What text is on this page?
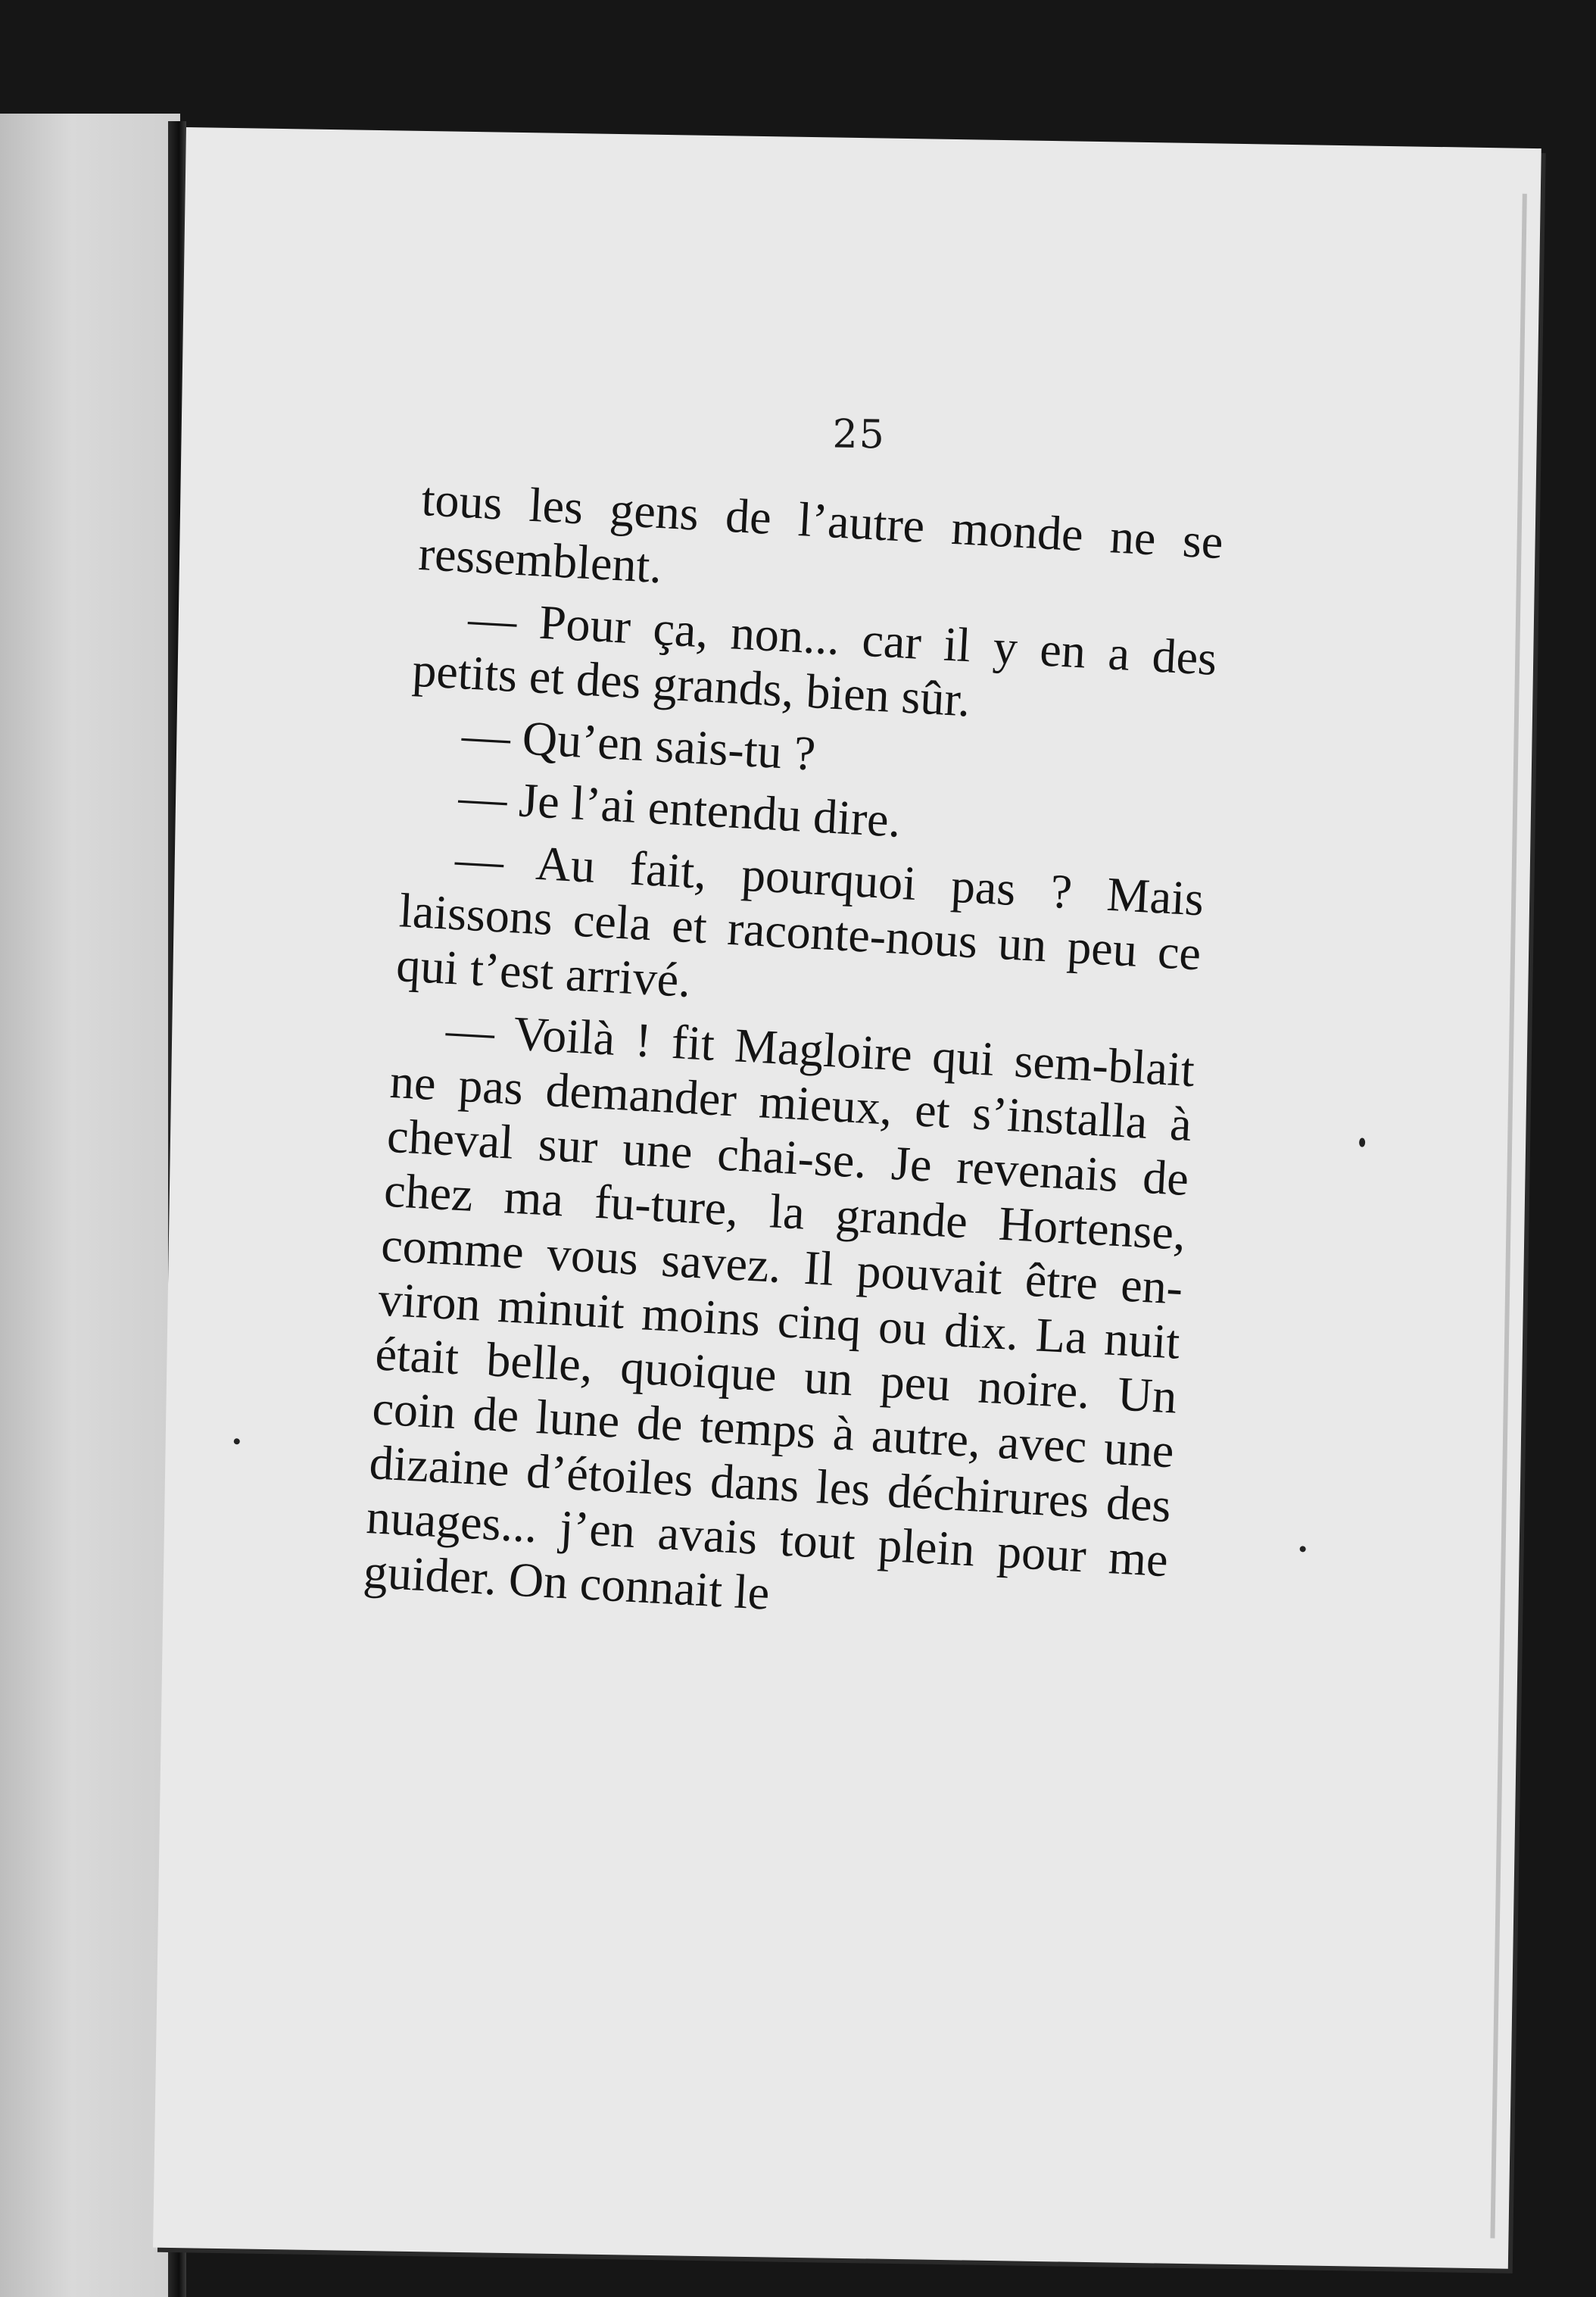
25

tous les gens de l’autre monde ne se ressemblent.

— Pour ça, non... car il y en a des petits et des grands, bien sûr.

— Qu’en sais-tu ?

— Je l’ai entendu dire.

— Au fait, pourquoi pas ? Mais laissons cela et raconte-nous un peu ce qui t’est arrivé.

— Voilà ! fit Magloire qui sem-blait ne pas demander mieux, et s’installa à cheval sur une chai-se. Je revenais de chez ma fu-ture, la grande Hortense, comme vous savez. Il pouvait être en-viron minuit moins cinq ou dix. La nuit était belle, quoique un peu noire. Un coin de lune de temps à autre, avec une dizaine d’étoiles dans les déchirures des nuages... j’en avais tout plein pour me guider. On connait le
